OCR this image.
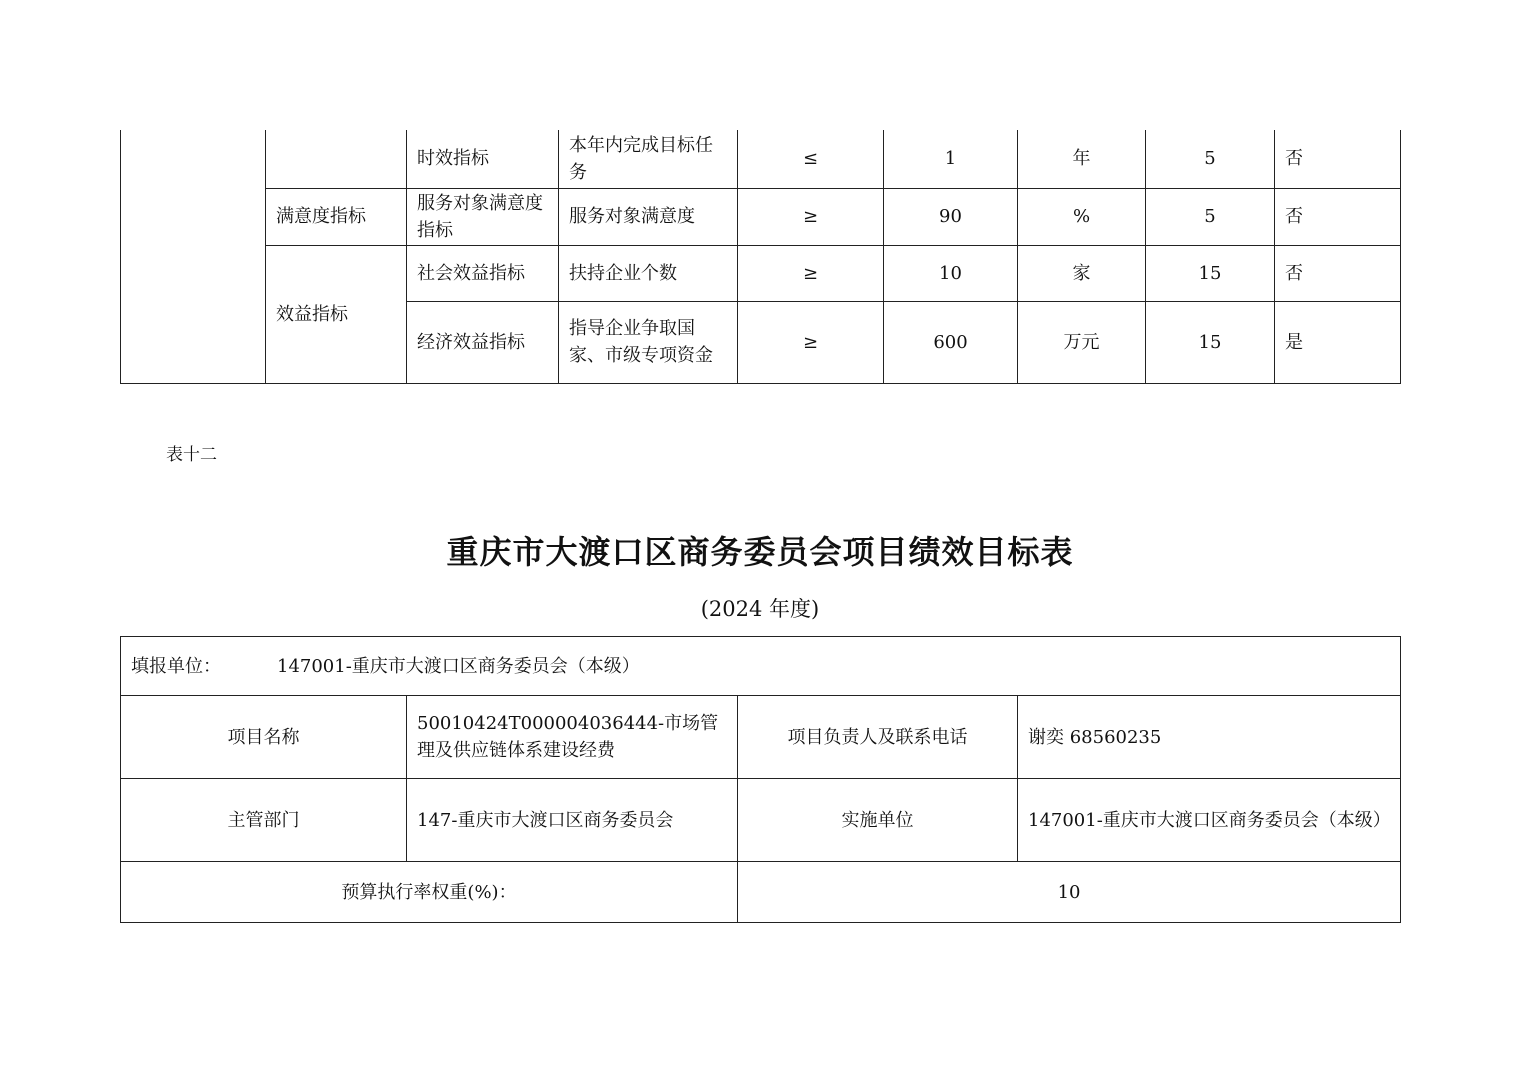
		时效指标	本年内完成目标任务	≤	1	年	5	否
	满意度指标	服务对象满意度指标	服务对象满意度	≥	90	%	5	否
	效益指标	社会效益指标	扶持企业个数	≥	10	家	15	否
		经济效益指标	指导企业争取国家、市级专项资金	≥	600	万元	15	是
表十二
重庆市大渡口区商务委员会项目绩效目标表
(2024 年度)
填报单位： 147001-重庆市大渡口区商务委员会（本级）			
项目名称	50010424T000004036444-市场管理及供应链体系建设经费	项目负责人及联系电话	谢奕 68560235
主管部门	147-重庆市大渡口区商务委员会	实施单位	147001-重庆市大渡口区商务委员会（本级）
预算执行率权重(%)：		10	
